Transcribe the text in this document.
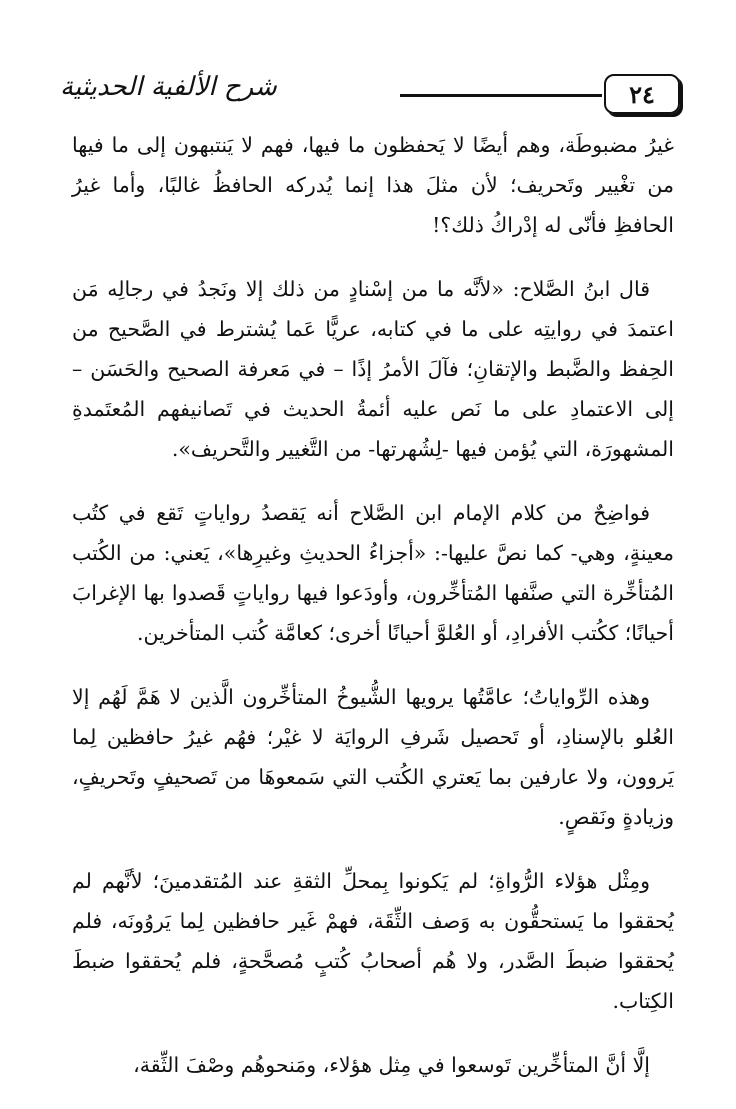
٢٤
شرح الألفية الحديثية

غيرُ مضبوطَة، وهم أيضًا لا يَحفظون ما فيها، فهم لا يَنتبهون إلى ما فيها من تغْيير وتَحريف؛ لأن مثلَ هذا إنما يُدركه الحافظُ غالبًا، وأما غيرُ الحافظِ فأنّى له إدْراكُ ذلك؟!

قال ابنُ الصَّلاح: «لأنَّه ما من إسْنادٍ من ذلك إلا ونَجدُ في رجالِه مَن اعتمدَ في روايتِه على ما في كتابه، عريًّا عَما يُشترط في الصَّحيح من الحِفظ والضَّبط والإتقانِ؛ فآلَ الأمرُ إذًا – في مَعرفة الصحيح والحَسَن – إلى الاعتمادِ على ما نَص عليه أئمةُ الحديث في تَصانيفهم المُعتَمدةِ المشهورَة، التي يُؤمن فيها -لِشُهرتها- من التَّغيير والتَّحريف».

فواضِحٌ من كلام الإمام ابن الصَّلاح أنه يَقصدُ رواياتٍ تَقع في كتُب معينةٍ، وهي- كما نصَّ عليها-: «أجزاءُ الحديثِ وغيرِها»، يَعني: من الكُتب المُتأخِّرة التي صنَّفها المُتأخِّرون، وأودَعوا فيها رواياتٍ قَصدوا بها الإغرابَ أحيانًا؛ ككُتب الأفرادِ، أو العُلوَّ أحيانًا أخرى؛ كعامَّة كُتب المتأخرين.

وهذه الرِّواياتُ؛ عامَّتُها يرويها الشُّيوخُ المتأخِّرون الَّذين لا هَمَّ لَهُم إلا العُلو بالإسنادِ، أو تَحصيل شَرفِ الروايَة لا غيْر؛ فهُم غيرُ حافظين لِما يَروون، ولا عارفين بما يَعتري الكُتب التي سَمعوهَا من تَصحيفٍ وتَحريفٍ، وزيادةٍ ونَقصٍ.

ومِثْل هؤلاء الرُّواةِ؛ لم يَكونوا بِمحلِّ الثقةِ عند المُتقدمينَ؛ لأنَّهم لم يُحققوا ما يَستحقُّون به وَصف الثِّقَة، فهمْ غَير حافظين لِما يَروُونَه، فلم يُحققوا ضبطَ الصَّدر، ولا هُم أصحابُ كُتبٍ مُصحَّحةٍ، فلم يُحققوا ضبطَ الكِتاب.

إلَّا أنَّ المتأخِّرين تَوسعوا في مِثل هؤلاء، ومَنحوهُم وصْفَ الثِّقة،
